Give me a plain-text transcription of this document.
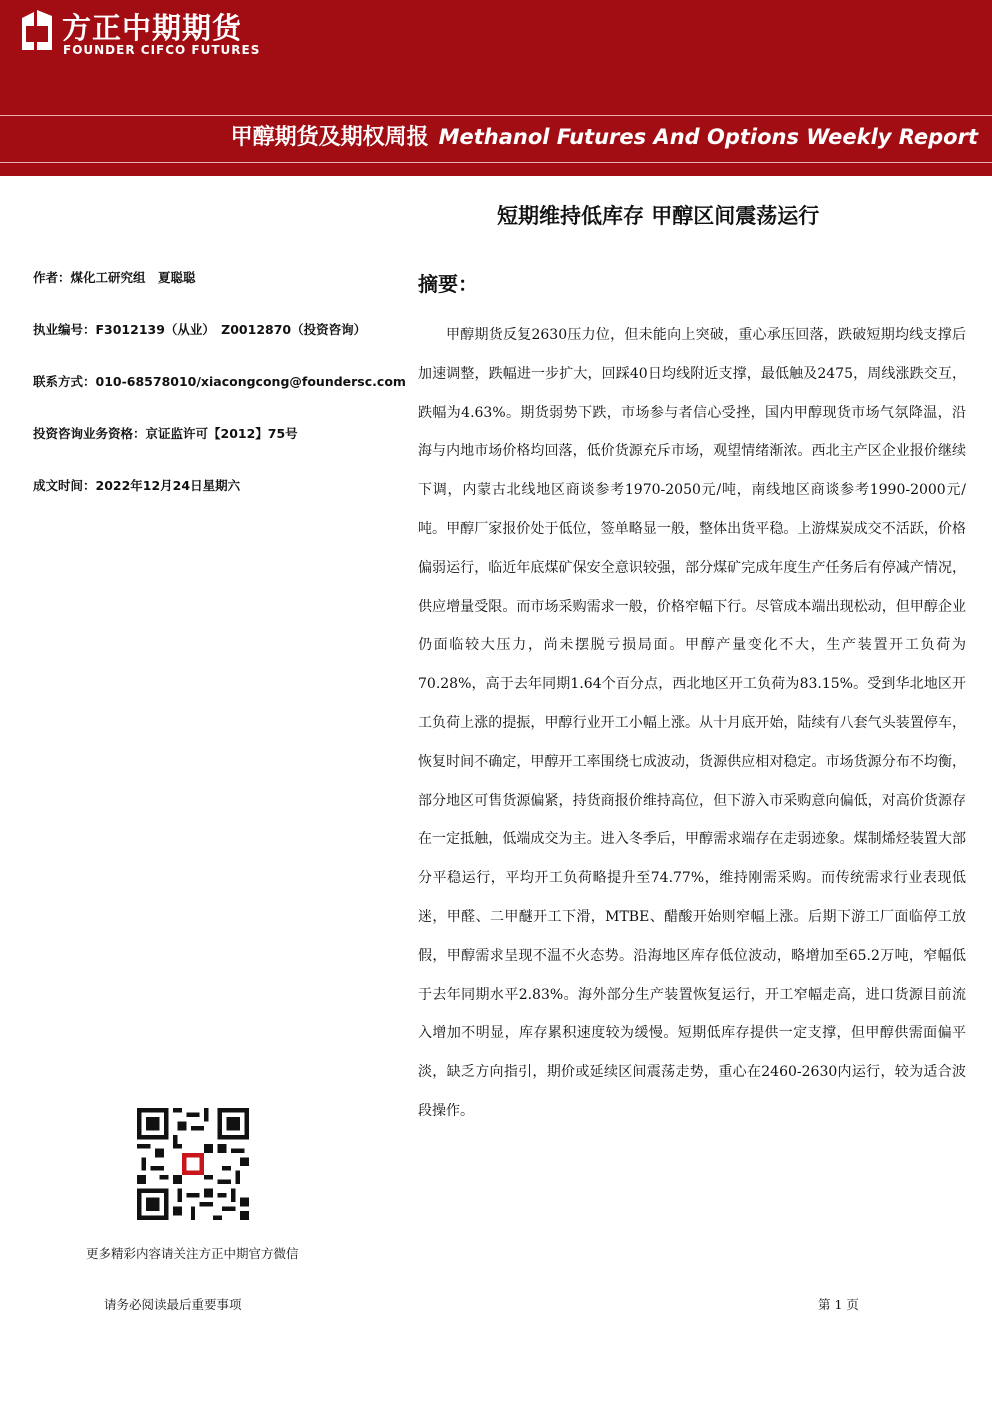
方正中期期货
FOUNDER CIFCO FUTURES
甲醇期货及期权周报 Methanol Futures And Options Weekly Report
短期维持低库存 甲醇区间震荡运行
作者：煤化工研究组　夏聪聪
执业编号：F3012139（从业）　Z0012870（投资咨询）
联系方式：010-68578010/xiacongcong@foundersc.com
投资咨询业务资格：京证监许可【2012】75号
成文时间：2022年12月24日星期六
摘要：

甲醇期货反复2630压力位，但未能向上突破，重心承压回落，跌破短期均线支撑后加速调整，跌幅进一步扩大，回踩40日均线附近支撑，最低触及2475，周线涨跌交互，跌幅为4.63%。期货弱势下跌，市场参与者信心受挫，国内甲醇现货市场气氛降温，沿海与内地市场价格均回落，低价货源充斥市场，观望情绪渐浓。西北主产区企业报价继续下调，内蒙古北线地区商谈参考1970-2050元/吨，南线地区商谈参考1990-2000元/吨。甲醇厂家报价处于低位，签单略显一般，整体出货平稳。上游煤炭成交不活跃，价格偏弱运行，临近年底煤矿保安全意识较强，部分煤矿完成年度生产任务后有停减产情况，供应增量受限。而市场采购需求一般，价格窄幅下行。尽管成本端出现松动，但甲醇企业仍面临较大压力，尚未摆脱亏损局面。甲醇产量变化不大，生产装置开工负荷为70.28%，高于去年同期1.64个百分点，西北地区开工负荷为83.15%。受到华北地区开工负荷上涨的提振，甲醇行业开工小幅上涨。从十月底开始，陆续有八套气头装置停车，恢复时间不确定，甲醇开工率围绕七成波动，货源供应相对稳定。市场货源分布不均衡，部分地区可售货源偏紧，持货商报价维持高位，但下游入市采购意向偏低，对高价货源存在一定抵触，低端成交为主。进入冬季后，甲醇需求端存在走弱迹象。煤制烯烃装置大部分平稳运行，平均开工负荷略提升至74.77%，维持刚需采购。而传统需求行业表现低迷，甲醛、二甲醚开工下滑，MTBE、醋酸开始则窄幅上涨。后期下游工厂面临停工放假，甲醇需求呈现不温不火态势。沿海地区库存低位波动，略增加至65.2万吨，窄幅低于去年同期水平2.83%。海外部分生产装置恢复运行，开工窄幅走高，进口货源目前流入增加不明显，库存累积速度较为缓慢。短期低库存提供一定支撑，但甲醇供需面偏平淡，缺乏方向指引，期价或延续区间震荡走势，重心在2460-2630内运行，较为适合波段操作。

更多精彩内容请关注方正中期官方微信
请务必阅读最后重要事项	第 1 页
